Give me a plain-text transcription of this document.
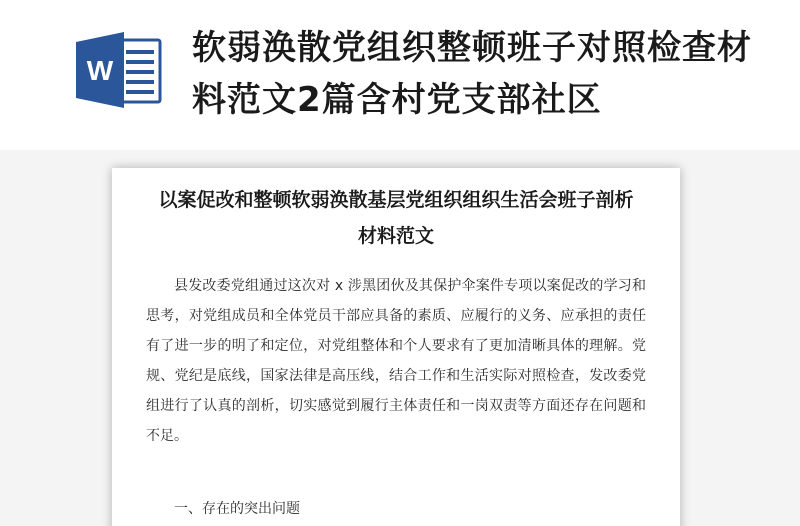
W
软弱涣散党组织整顿班子对照检查材料范文2篇含村党支部社区
以案促改和整顿软弱涣散基层党组织组织生活会班子剖析材料范文

县发改委党组通过这次对 x 涉黑团伙及其保护伞案件专项以案促改的学习和思考，对党组成员和全体党员干部应具备的素质、应履行的义务、应承担的责任有了进一步的明了和定位，对党组整体和个人要求有了更加清晰具体的理解。党规、党纪是底线，国家法律是高压线，结合工作和生活实际对照检查，发改委党组进行了认真的剖析，切实感觉到履行主体责任和一岗双责等方面还存在问题和不足。

一、存在的突出问题
